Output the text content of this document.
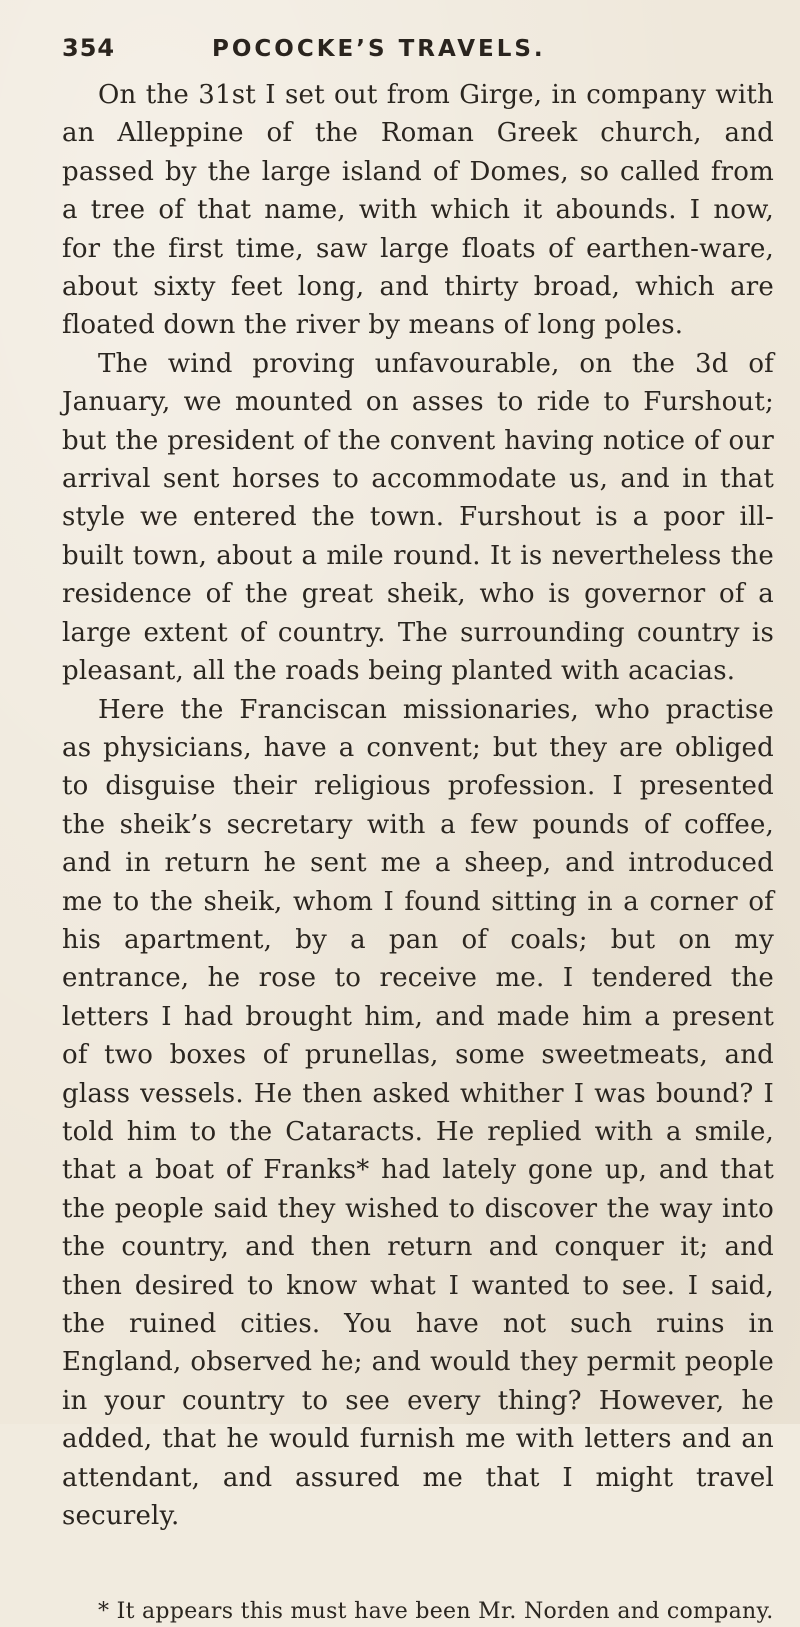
354	POCOCKE’S TRAVELS.

On the 31st I set out from Girge, in company with an Alleppine of the Roman Greek church, and passed by the large island of Domes, so called from a tree of that name, with which it abounds. I now, for the first time, saw large floats of earthen-ware, about sixty feet long, and thirty broad, which are floated down the river by means of long poles.

The wind proving unfavourable, on the 3d of January, we mounted on asses to ride to Furshout; but the president of the convent having notice of our arrival sent horses to accommodate us, and in that style we entered the town. Furshout is a poor ill-built town, about a mile round. It is nevertheless the residence of the great sheik, who is governor of a large extent of country. The surrounding country is pleasant, all the roads being planted with acacias.

Here the Franciscan missionaries, who practise as physicians, have a convent; but they are obliged to disguise their religious profession. I presented the sheik’s secretary with a few pounds of coffee, and in return he sent me a sheep, and introduced me to the sheik, whom I found sitting in a corner of his apartment, by a pan of coals; but on my entrance, he rose to receive me. I tendered the letters I had brought him, and made him a present of two boxes of prunellas, some sweetmeats, and glass vessels. He then asked whither I was bound? I told him to the Cataracts. He replied with a smile, that a boat of Franks* had lately gone up, and that the people said they wished to discover the way into the country, and then return and conquer it; and then desired to know what I wanted to see. I said, the ruined cities. You have not such ruins in England, observed he; and would they permit people in your country to see every thing? However, he added, that he would furnish me with letters and an attendant, and assured me that I might travel securely.

* It appears this must have been Mr. Norden and company.
